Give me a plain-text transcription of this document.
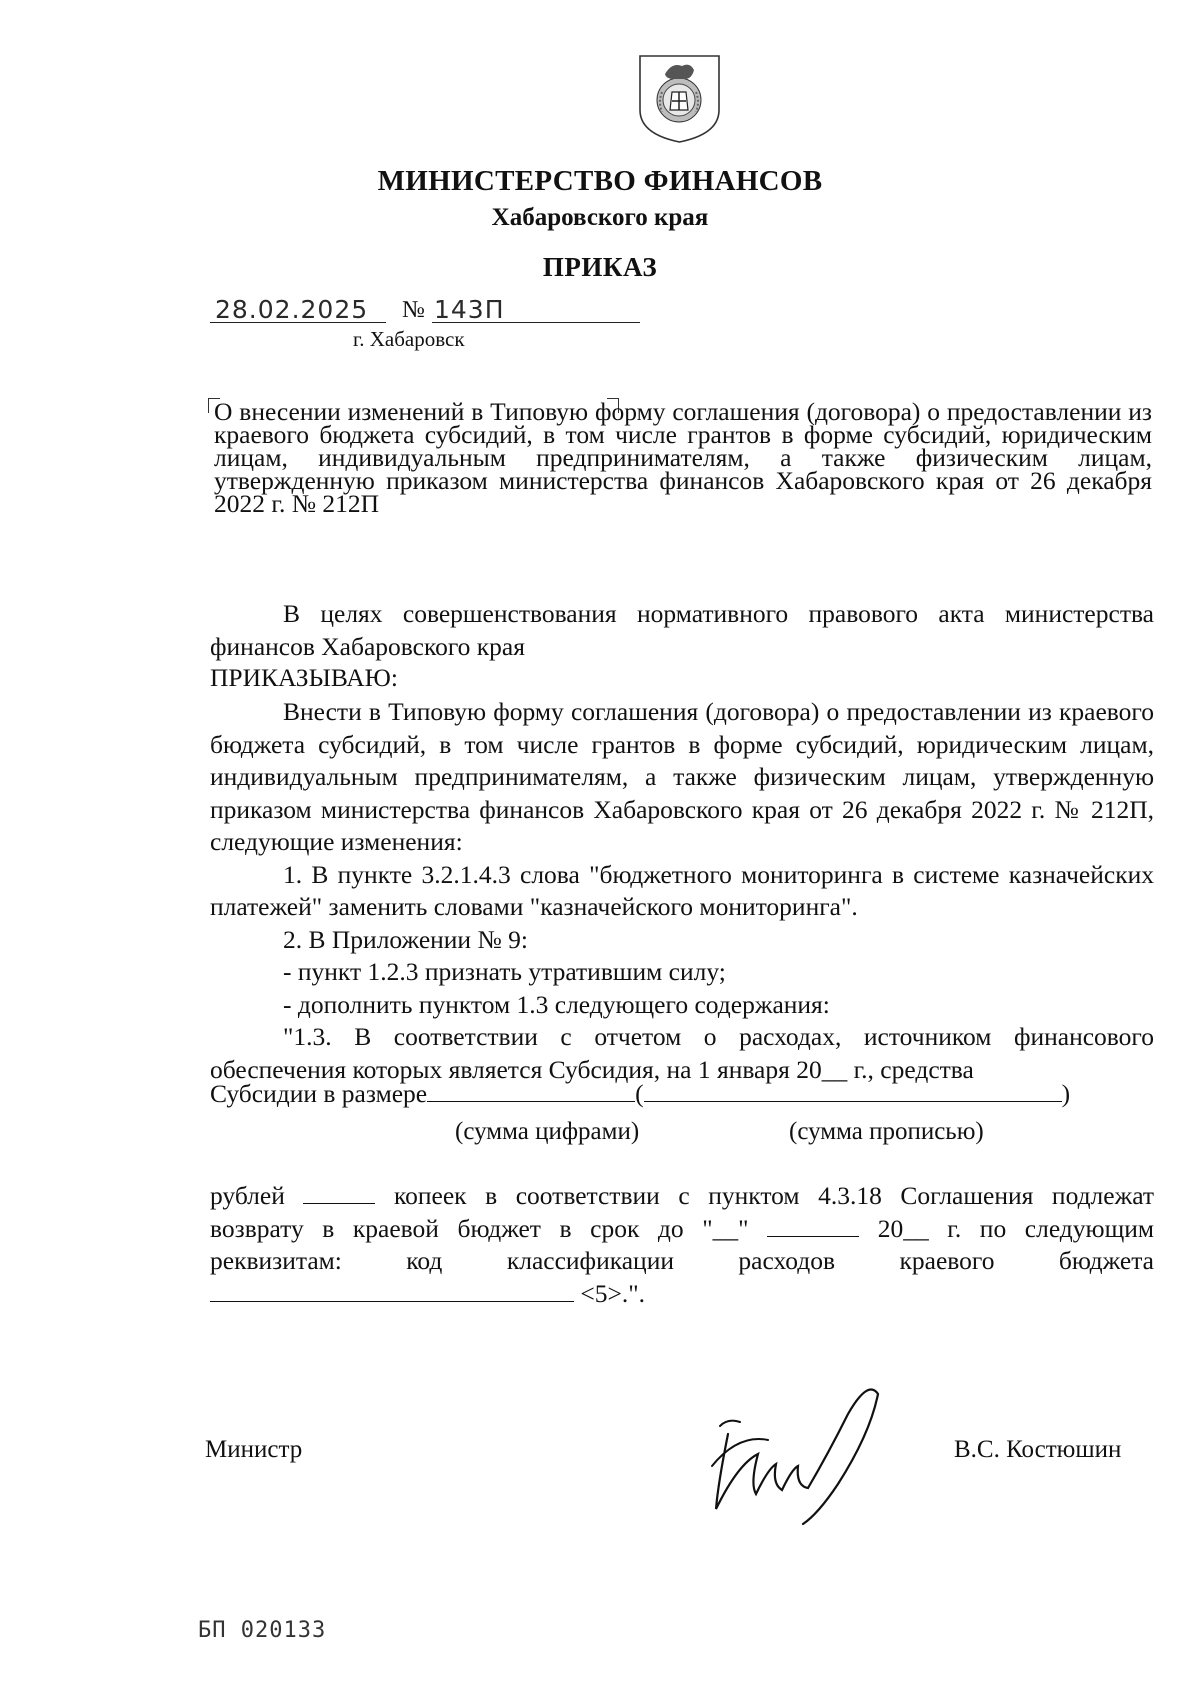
МИНИСТЕРСТВО ФИНАНСОВ
Хабаровского края
ПРИКАЗ
28.02.2025 № 143П
г. Хабаровск
О внесении изменений в Типовую форму соглашения (договора) о предоставлении из краевого бюджета субсидий, в том числе грантов в форме субсидий, юридическим лицам, индивидуальным предпринимателям, а также физическим лицам, утвержденную приказом министерства финансов Хабаровского края от 26 декабря 2022 г. № 212П
В целях совершенствования нормативного правового акта министерства финансов Хабаровского края
ПРИКАЗЫВАЮ:
Внести в Типовую форму соглашения (договора) о предоставлении из краевого бюджета субсидий, в том числе грантов в форме субсидий, юридическим лицам, индивидуальным предпринимателям, а также физическим лицам, утвержденную приказом министерства финансов Хабаровского края от 26 декабря 2022 г. № 212П, следующие изменения:
1. В пункте 3.2.1.4.3 слова "бюджетного мониторинга в системе казначейских платежей" заменить словами "казначейского мониторинга".
2. В Приложении № 9:
- пункт 1.2.3 признать утратившим силу;
- дополнить пунктом 1.3 следующего содержания:
"1.3. В соответствии с отчетом о расходах, источником финансового обеспечения которых является Субсидия, на 1 января 20__ г., средства
Субсидии в размере	(	)
(сумма цифрами)	(сумма прописью)
рублей	копеек в соответствии с пунктом 4.3.18 Соглашения подлежат
возврату в краевой бюджет в срок до "__"	20__ г. по следующим
реквизитам: код классификации расходов краевого бюджета
<5>.".
Министр	В.С. Костюшин
БП 020133
